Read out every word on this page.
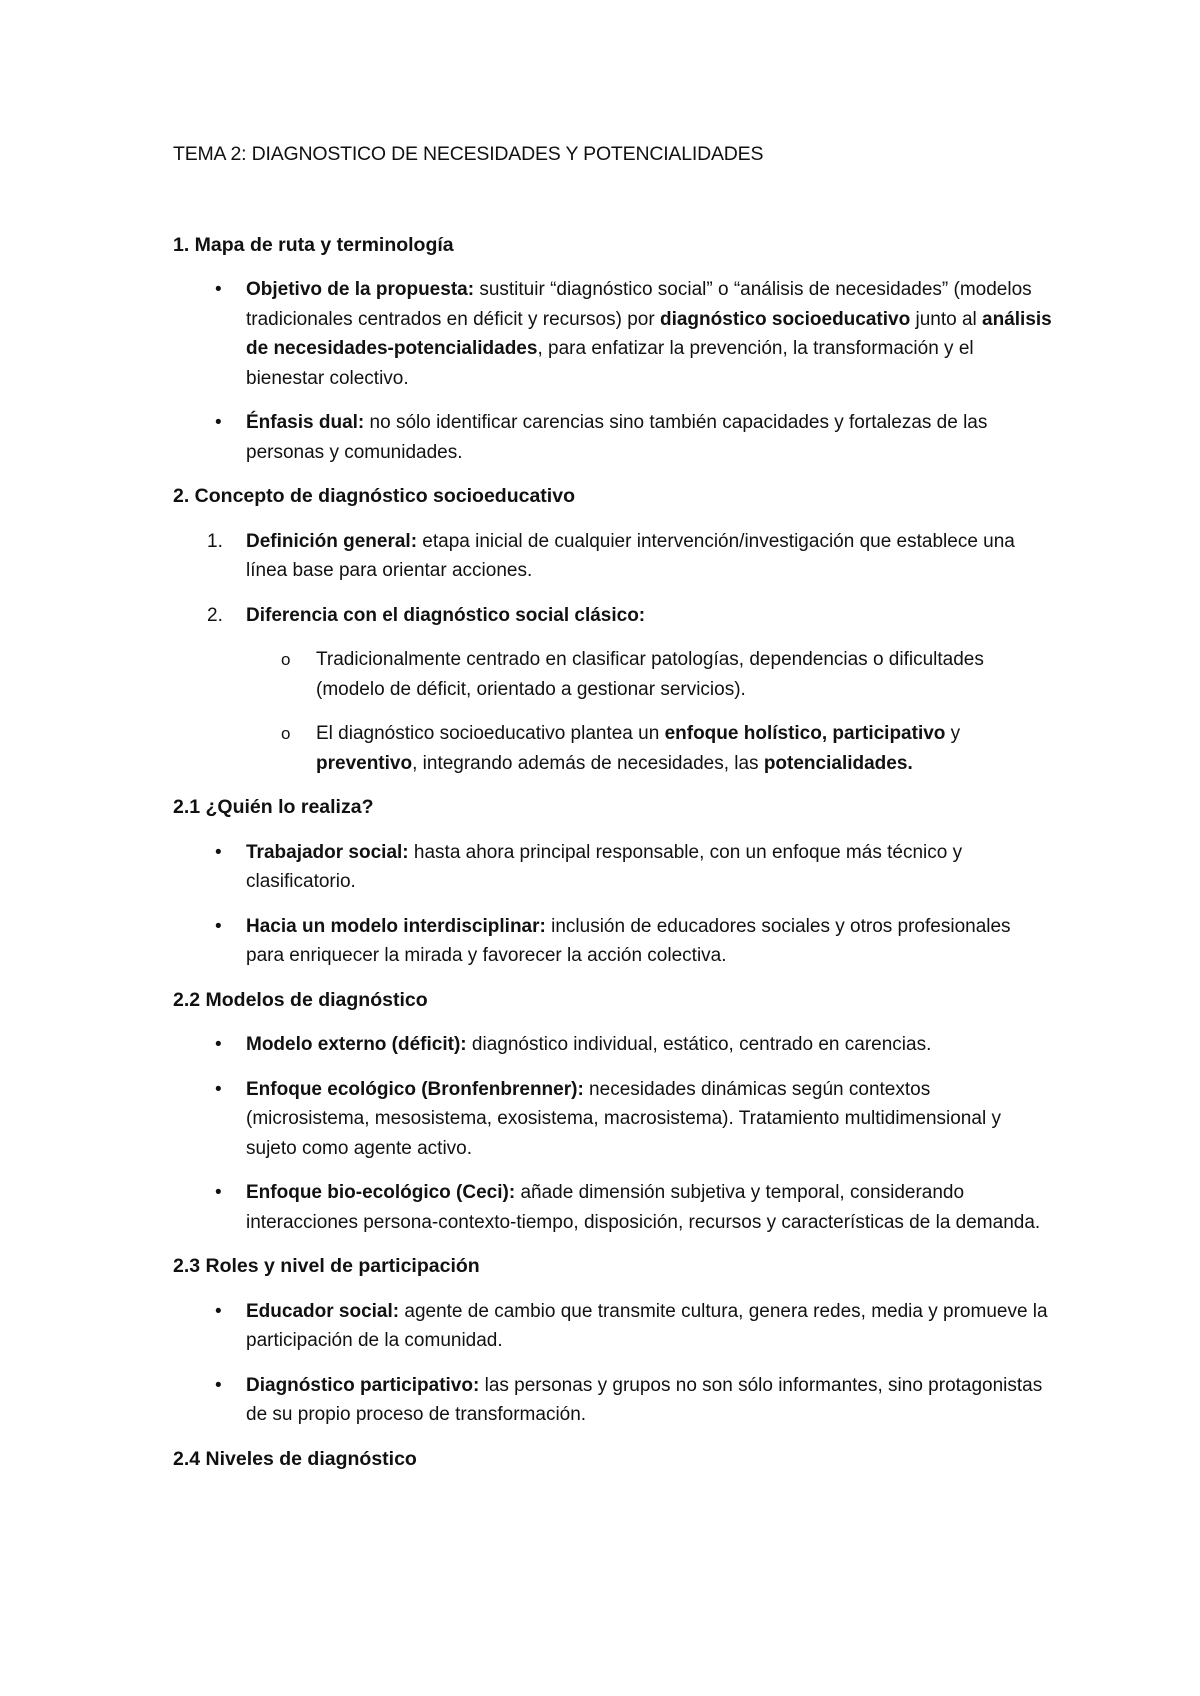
TEMA 2: DIAGNOSTICO DE NECESIDADES Y POTENCIALIDADES
1. Mapa de ruta y terminología
• Objetivo de la propuesta: sustituir “diagnóstico social” o “análisis de necesidades” (modelos tradicionales centrados en déficit y recursos) por diagnóstico socioeducativo junto al análisis de necesidades-potencialidades, para enfatizar la prevención, la transformación y el bienestar colectivo.
• Énfasis dual: no sólo identificar carencias sino también capacidades y fortalezas de las personas y comunidades.
2. Concepto de diagnóstico socioeducativo
1. Definición general: etapa inicial de cualquier intervención/investigación que establece una línea base para orientar acciones.
2. Diferencia con el diagnóstico social clásico:
o Tradicionalmente centrado en clasificar patologías, dependencias o dificultades (modelo de déficit, orientado a gestionar servicios).
o El diagnóstico socioeducativo plantea un enfoque holístico, participativo y preventivo, integrando además de necesidades, las potencialidades.
2.1 ¿Quién lo realiza?
• Trabajador social: hasta ahora principal responsable, con un enfoque más técnico y clasificatorio.
• Hacia un modelo interdisciplinar: inclusión de educadores sociales y otros profesionales para enriquecer la mirada y favorecer la acción colectiva.
2.2 Modelos de diagnóstico
• Modelo externo (déficit): diagnóstico individual, estático, centrado en carencias.
• Enfoque ecológico (Bronfenbrenner): necesidades dinámicas según contextos (microsistema, mesosistema, exosistema, macrosistema). Tratamiento multidimensional y sujeto como agente activo.
• Enfoque bio-ecológico (Ceci): añade dimensión subjetiva y temporal, considerando interacciones persona-contexto-tiempo, disposición, recursos y características de la demanda.
2.3 Roles y nivel de participación
• Educador social: agente de cambio que transmite cultura, genera redes, media y promueve la participación de la comunidad.
• Diagnóstico participativo: las personas y grupos no son sólo informantes, sino protagonistas de su propio proceso de transformación.
2.4 Niveles de diagnóstico
